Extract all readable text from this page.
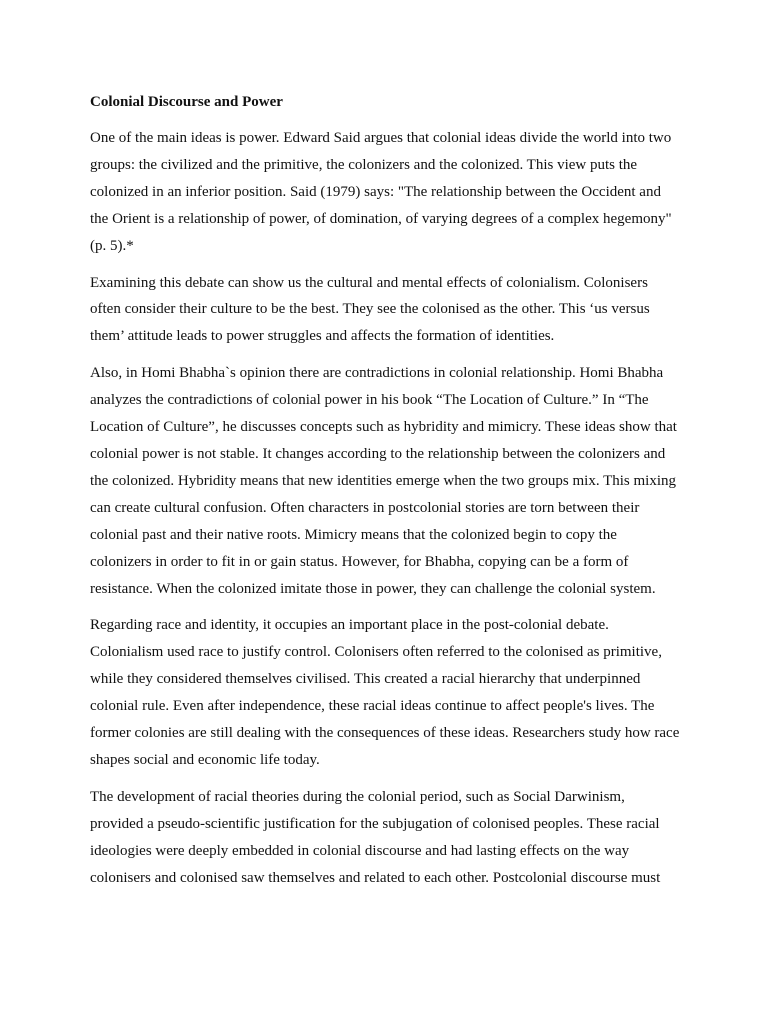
Colonial Discourse and Power

One of the main ideas is power. Edward Said argues that colonial ideas divide the world into two groups: the civilized and the primitive, the colonizers and the colonized. This view puts the colonized in an inferior position. Said (1979) says: "The relationship between the Occident and the Orient is a relationship of power, of domination, of varying degrees of a complex hegemony" (p. 5).*

Examining this debate can show us the cultural and mental effects of colonialism. Colonisers often consider their culture to be the best. They see the colonised as the other. This ‘us versus them’ attitude leads to power struggles and affects the formation of identities.

Also, in Homi Bhabha`s opinion there are contradictions in colonial relationship. Homi Bhabha analyzes the contradictions of colonial power in his book “The Location of Culture.” In “The Location of Culture”, he discusses concepts such as hybridity and mimicry. These ideas show that colonial power is not stable. It changes according to the relationship between the colonizers and the colonized. Hybridity means that new identities emerge when the two groups mix. This mixing can create cultural confusion. Often characters in postcolonial stories are torn between their colonial past and their native roots. Mimicry means that the colonized begin to copy the colonizers in order to fit in or gain status. However, for Bhabha, copying can be a form of resistance. When the colonized imitate those in power, they can challenge the colonial system.

Regarding race and identity, it occupies an important place in the post-colonial debate. Colonialism used race to justify control. Colonisers often referred to the colonised as primitive, while they considered themselves civilised. This created a racial hierarchy that underpinned colonial rule. Even after independence, these racial ideas continue to affect people's lives. The former colonies are still dealing with the consequences of these ideas. Researchers study how race shapes social and economic life today.

The development of racial theories during the colonial period, such as Social Darwinism, provided a pseudo-scientific justification for the subjugation of colonised peoples. These racial ideologies were deeply embedded in colonial discourse and had lasting effects on the way colonisers and colonised saw themselves and related to each other. Postcolonial discourse must
